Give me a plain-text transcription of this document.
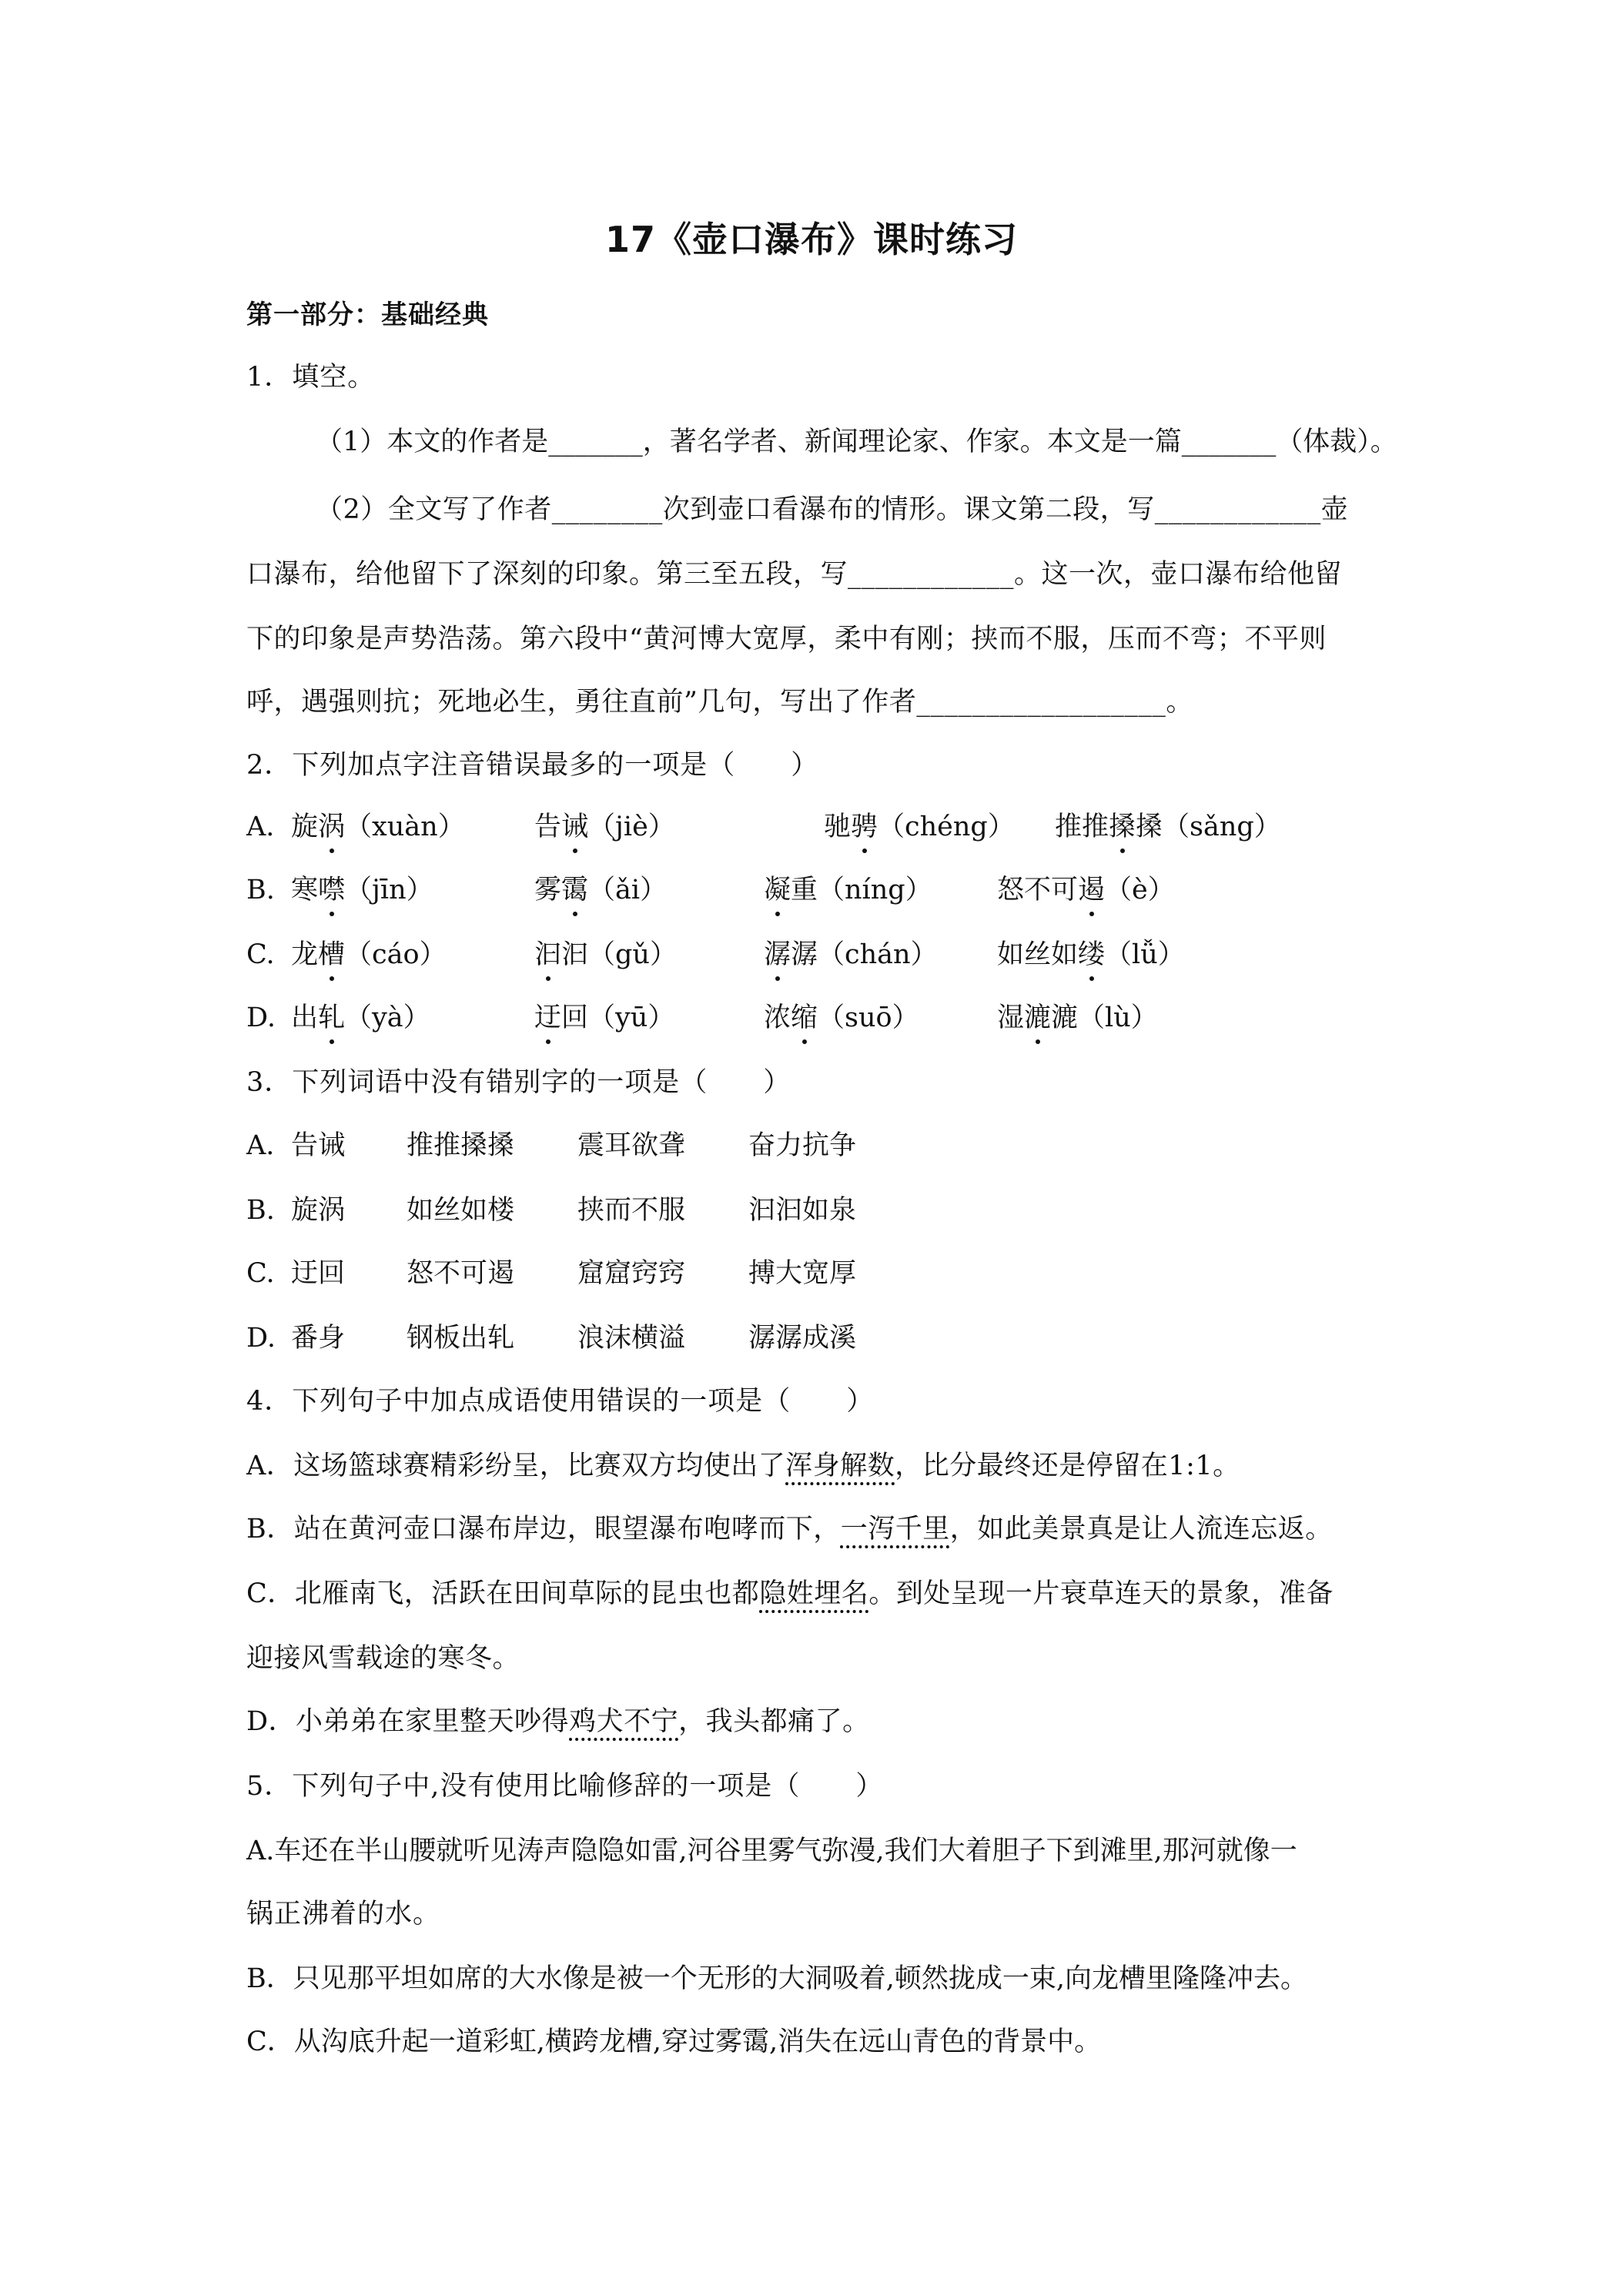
17《壶口瀑布》课时练习
第一部分：基础经典
1．填空。
（1）本文的作者是_______，著名学者、新闻理论家、作家。本文是一篇_______（体裁）。
（2）全文写了作者________次到壶口看瀑布的情形。课文第二段，写____________壶
口瀑布，给他留下了深刻的印象。第三至五段，写____________。这一次，壶口瀑布给他留
下的印象是声势浩荡。第六段中“黄河博大宽厚，柔中有刚；挟而不服，压而不弯；不平则
呼，遇强则抗；死地必生，勇往直前”几句，写出了作者__________________。
2．下列加点字注音错误最多的一项是（　　）
A. 旋涡（xuàn）	告诫（jiè）	驰骋（chéng） 推推搡搡（sǎng）
B. 寒噤（jīn）	雾霭（ǎi）	凝重（níng） 怒不可遏（è）
C. 龙槽（cáo）	汩汩（gǔ）	潺潺（chán） 如丝如缕（lǚ）
D. 出轧（yà）	迂回（yū）	浓缩（suō）	湿漉漉（lù）
3．下列词语中没有错别字的一项是（　　）
A. 告诫 推推搡搡 震耳欲聋 奋力抗争
B. 旋涡 如丝如楼 挟而不服 汩汩如泉
C. 迂回 怒不可遏 窟窟窍窍 搏大宽厚
D. 番身 钢板出轧 浪沫横溢 潺潺成溪
4．下列句子中加点成语使用错误的一项是（　　）
A．这场篮球赛精彩纷呈，比赛双方均使出了浑身解数，比分最终还是停留在1:1。
B．站在黄河壶口瀑布岸边，眼望瀑布咆哮而下，一泻千里，如此美景真是让人流连忘返。
C．北雁南飞，活跃在田间草际的昆虫也都隐姓埋名。到处呈现一片衰草连天的景象，准备
迎接风雪载途的寒冬。
D．小弟弟在家里整天吵得鸡犬不宁，我头都痛了。
5．下列句子中,没有使用比喻修辞的一项是（　　）
A.车还在半山腰就听见涛声隐隐如雷,河谷里雾气弥漫,我们大着胆子下到滩里,那河就像一
锅正沸着的水。
B．只见那平坦如席的大水像是被一个无形的大洞吸着,顿然拢成一束,向龙槽里隆隆冲去。
C．从沟底升起一道彩虹,横跨龙槽,穿过雾霭,消失在远山青色的背景中。
